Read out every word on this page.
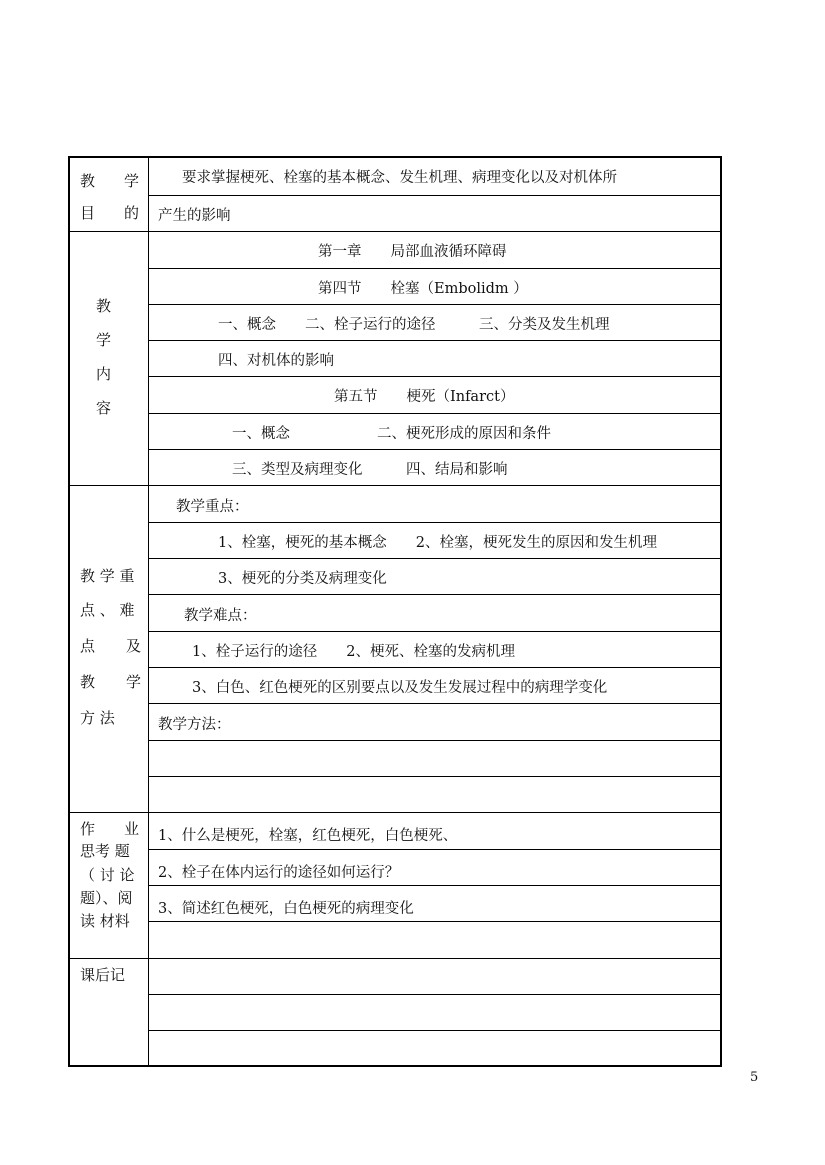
教 学
目 的
要求掌握梗死、栓塞的基本概念、发生机理、病理变化以及对机体所
产生的影响
教
学
内
容
第一章　　局部血液循环障碍
第四节　　栓塞（Embolidm ）
一、概念　　二、栓子运行的途径　　　三、分类及发生机理
四、对机体的影响
第五节　　梗死（Infarct）
一、概念　　　　　　二、梗死形成的原因和条件
三、类型及病理变化　　　四、结局和影响
教 学 重
点 、 难
点 及
教 学
方 法
教学重点：
1、栓塞，梗死的基本概念　　2、栓塞，梗死发生的原因和发生机理
3、梗死的分类及病理变化
教学难点：
1、栓子运行的途径　　2、梗死、栓塞的发病机理
3、白色、红色梗死的区别要点以及发生发展过程中的病理学变化
教学方法：
作 业
思考 题
（ 讨 论
题）、阅
读 材料
1、什么是梗死，栓塞，红色梗死，白色梗死、
2、栓子在体内运行的途径如何运行？
3、简述红色梗死，白色梗死的病理变化
课后记
5
